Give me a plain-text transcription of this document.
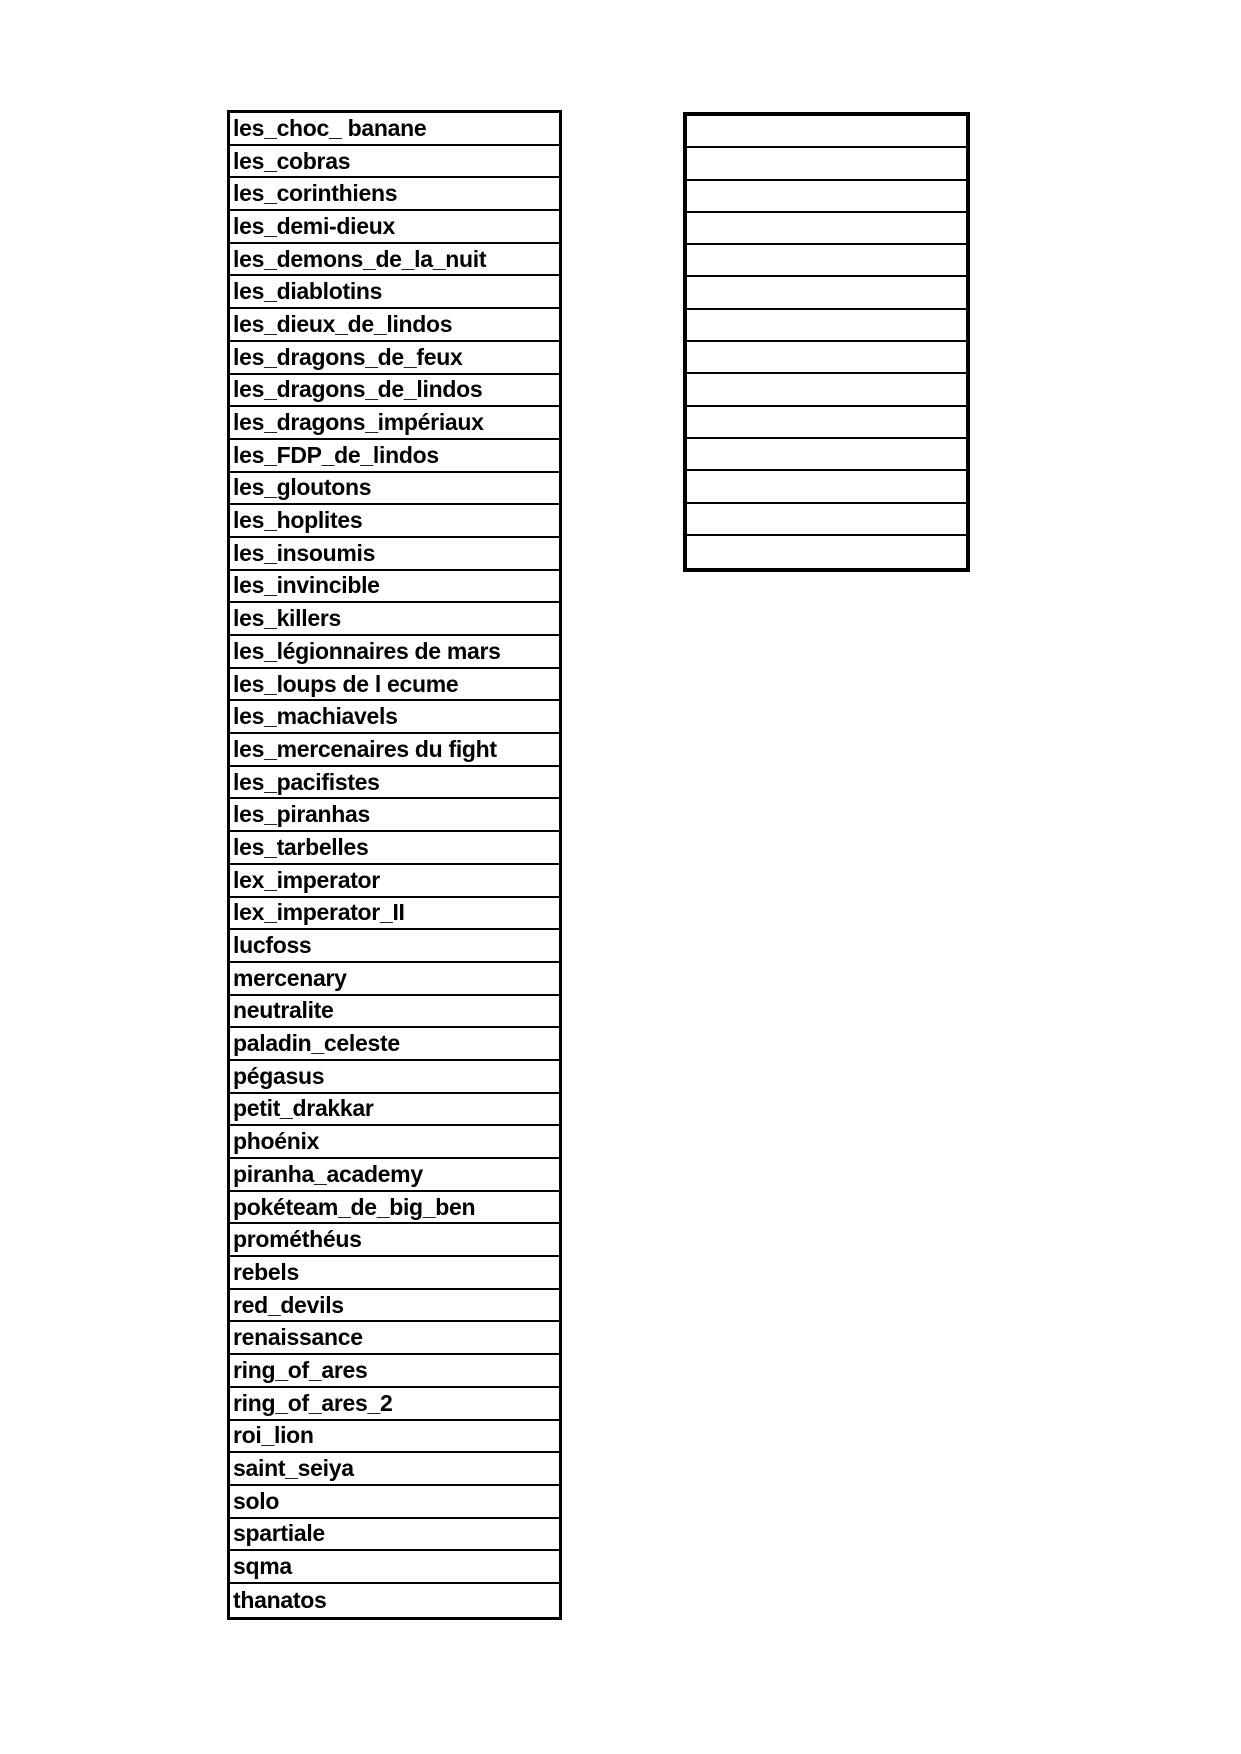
les_choc_ banane
les_cobras
les_corinthiens
les_demi-dieux
les_demons_de_la_nuit
les_diablotins
les_dieux_de_lindos
les_dragons_de_feux
les_dragons_de_lindos
les_dragons_impériaux
les_FDP_de_lindos
les_gloutons
les_hoplites
les_insoumis
les_invincible
les_killers
les_légionnaires de mars
les_loups de l ecume
les_machiavels
les_mercenaires du fight
les_pacifistes
les_piranhas
les_tarbelles
lex_imperator
lex_imperator_II
lucfoss
mercenary
neutralite
paladin_celeste
pégasus
petit_drakkar
phoénix
piranha_academy
pokéteam_de_big_ben
prométhéus
rebels
red_devils
renaissance
ring_of_ares
ring_of_ares_2
roi_lion
saint_seiya
solo
spartiale
sqma
thanatos
